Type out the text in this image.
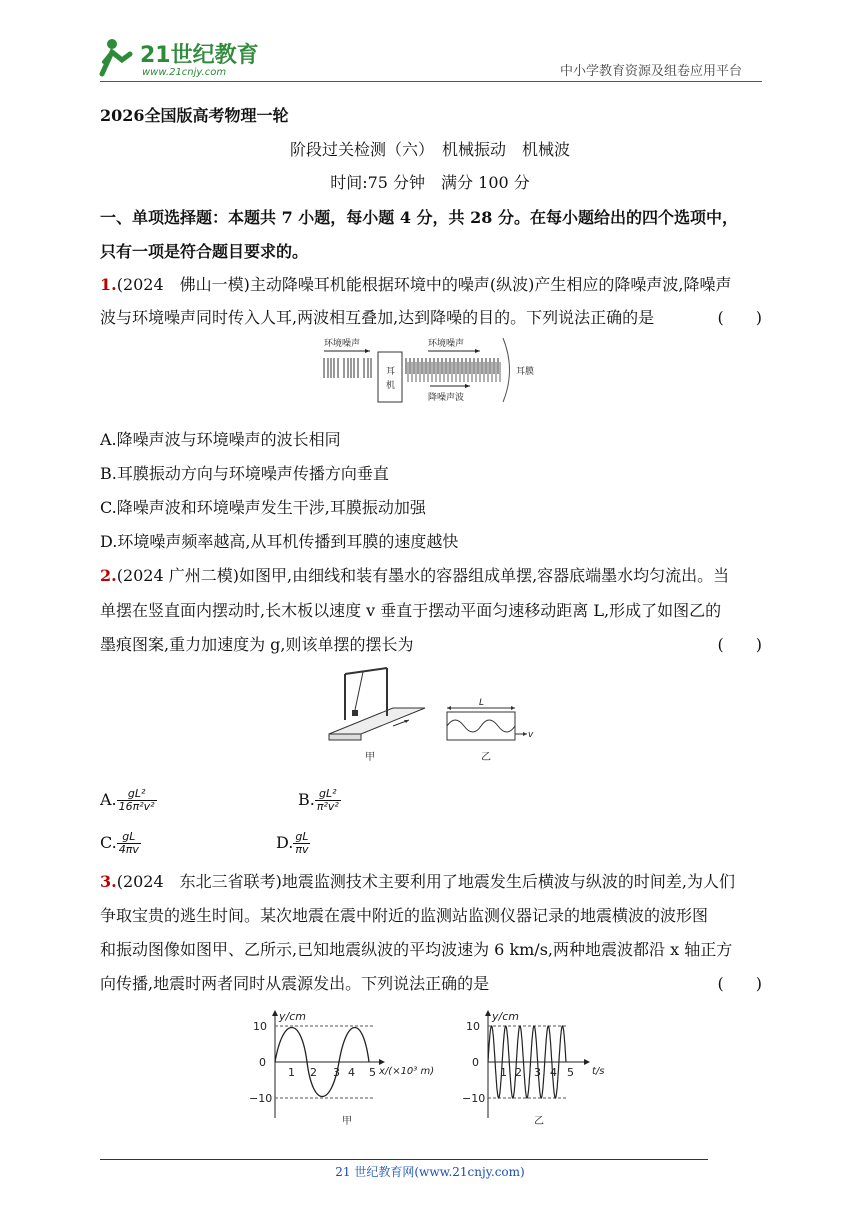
21世纪教育
www.21cnjy.com	中小学教育资源及组卷应用平台
2026全国版高考物理一轮
阶段过关检测（六）　机械振动　机械波
时间:75 分钟　满分 100 分
一、单项选择题：本题共 7 小题，每小题 4 分，共 28 分。在每小题给出的四个选项中，
只有一项是符合题目要求的。
1.(2024　佛山一模)主动降噪耳机能根据环境中的噪声(纵波)产生相应的降噪声波,降噪声
波与环境噪声同时传入人耳,两波相互叠加,达到降噪的目的。下列说法正确的是	(　　)
环境噪声
耳
机
环境噪声
降噪声波
耳膜
A.降噪声波与环境噪声的波长相同
B.耳膜振动方向与环境噪声传播方向垂直
C.降噪声波和环境噪声发生干涉,耳膜振动加强
D.环境噪声频率越高,从耳机传播到耳膜的速度越快
2.(2024 广州二模)如图甲,由细线和装有墨水的容器组成单摆,容器底端墨水均匀流出。当
单摆在竖直面内摆动时,长木板以速度 v 垂直于摆动平面匀速移动距离 L,形成了如图乙的
墨痕图案,重力加速度为 g,则该单摆的摆长为	(　　)
甲
L
v
乙
A. $\frac{\text{gL²}}{\text{16π²v²}}$	B. $\frac{\text{gL²}}{\text{π²v²}}$
C. $\frac{gL}{4\pi v}$	D. $\frac{gL}{\pi v}$
3.(2024　东北三省联考)地震监测技术主要利用了地震发生后横波与纵波的时间差,为人们
争取宝贵的逃生时间。某次地震在震中附近的监测站监测仪器记录的地震横波的波形图
和振动图像如图甲、乙所示,已知地震纵波的平均波速为 6 km/s,两种地震波都沿 x 轴正方
向传播,地震时两者同时从震源发出。下列说法正确的是	(　　)
y/cm
10
0
−10
1 2 3 4 5 x/(×10³ m)
甲
y/cm
10
0
−10
1 2 3 4 5 t/s
乙
21 世纪教育网(www.21cnjy.com)
